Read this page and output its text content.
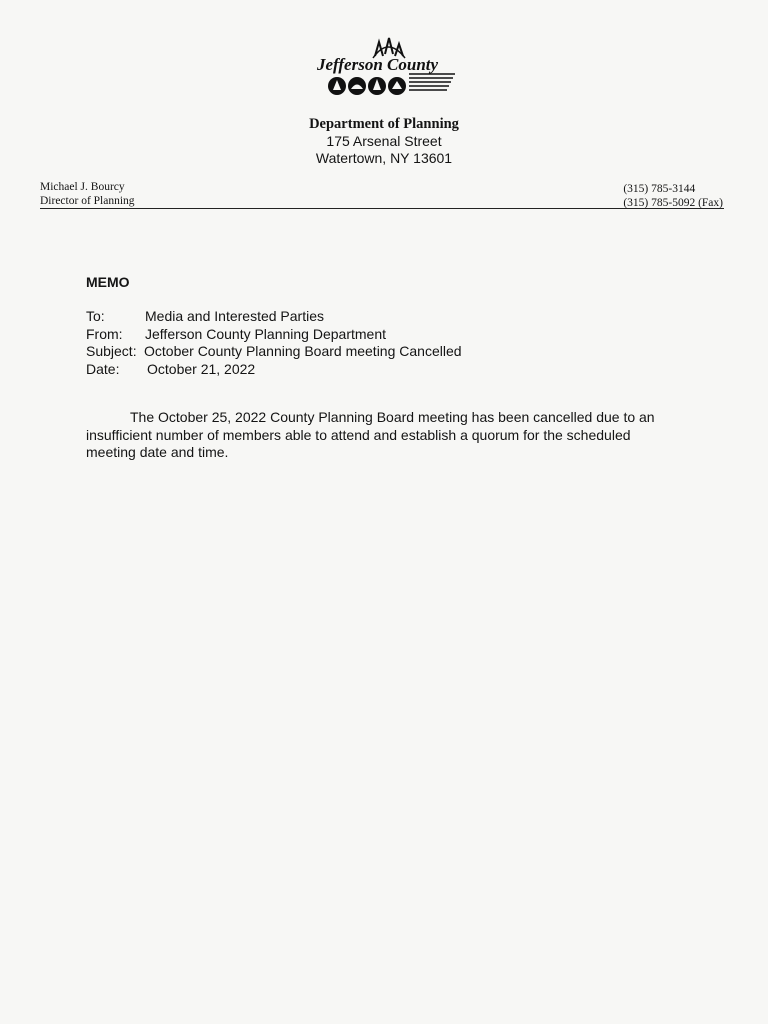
Jefferson County
Department of Planning
175 Arsenal Street
Watertown, NY 13601
Michael J. Bourcy
Director of Planning
(315) 785-3144
(315) 785-5092 (Fax)
MEMO
To:	Media and Interested Parties
From:	Jefferson County Planning Department
Subject: October County Planning Board meeting Cancelled
Date:	October 21, 2022
The October 25, 2022 County Planning Board meeting has been cancelled due to an insufficient number of members able to attend and establish a quorum for the scheduled meeting date and time.
